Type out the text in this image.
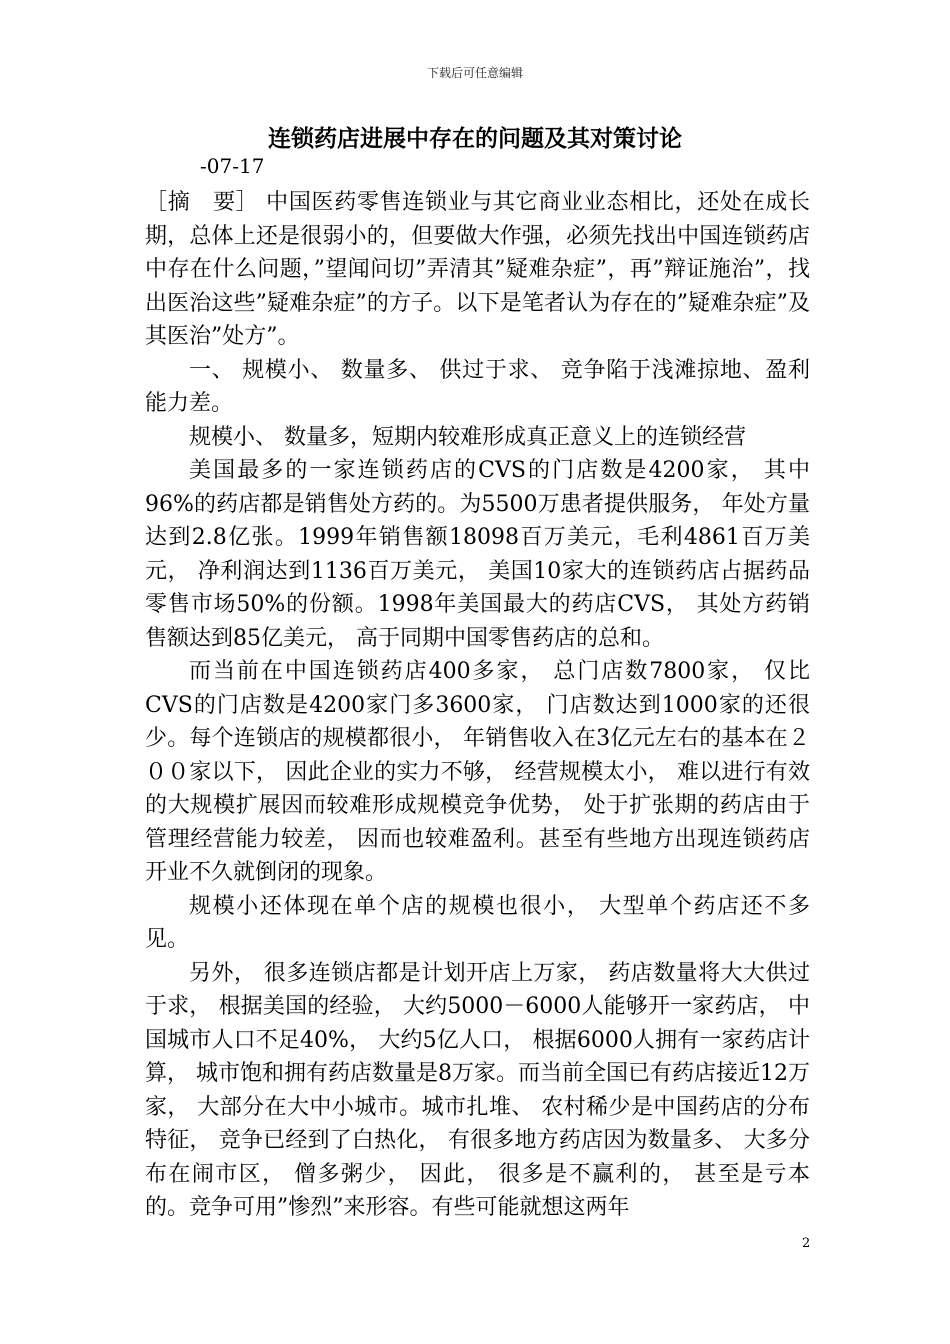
下载后可任意编辑
连锁药店进展中存在的问题及其对策讨论
-07-17

［摘　要］ 中国医药零售连锁业与其它商业业态相比，还处在成长期，总体上还是很弱小的，但要做大作强，必须先找出中国连锁药店中存在什么问题，”望闻问切”弄清其”疑难杂症”，再”辩证施治”，找出医治这些”疑难杂症”的方子。以下是笔者认为存在的”疑难杂症”及其医治”处方”。

一、 规模小、 数量多、 供过于求、 竞争陷于浅滩掠地、盈利能力差。

规模小、 数量多，短期内较难形成真正意义上的连锁经营

美国最多的一家连锁药店的CVS的门店数是4200家， 其中96%的药店都是销售处方药的。为5500万患者提供服务， 年处方量达到2.8亿张。1999年销售额18098百万美元，毛利4861百万美元， 净利润达到1136百万美元， 美国10家大的连锁药店占据药品零售市场50%的份额。1998年美国最大的药店CVS， 其处方药销售额达到85亿美元， 高于同期中国零售药店的总和。

而当前在中国连锁药店400多家， 总门店数7800家， 仅比CVS的门店数是4200家门多3600家， 门店数达到1000家的还很少。每个连锁店的规模都很小， 年销售收入在3亿元左右的基本在２００家以下， 因此企业的实力不够， 经营规模太小， 难以进行有效的大规模扩展因而较难形成规模竞争优势， 处于扩张期的药店由于管理经营能力较差， 因而也较难盈利。甚至有些地方出现连锁药店开业不久就倒闭的现象。

规模小还体现在单个店的规模也很小， 大型单个药店还不多见。

另外， 很多连锁店都是计划开店上万家， 药店数量将大大供过于求， 根据美国的经验， 大约5000－6000人能够开一家药店， 中国城市人口不足40%， 大约5亿人口， 根据6000人拥有一家药店计算， 城市饱和拥有药店数量是8万家。而当前全国已有药店接近12万家， 大部分在大中小城市。城市扎堆、 农村稀少是中国药店的分布特征， 竞争已经到了白热化， 有很多地方药店因为数量多、 大多分布在闹市区， 僧多粥少， 因此， 很多是不赢利的， 甚至是亏本的。竞争可用”惨烈”来形容。有些可能就想这两年

2
